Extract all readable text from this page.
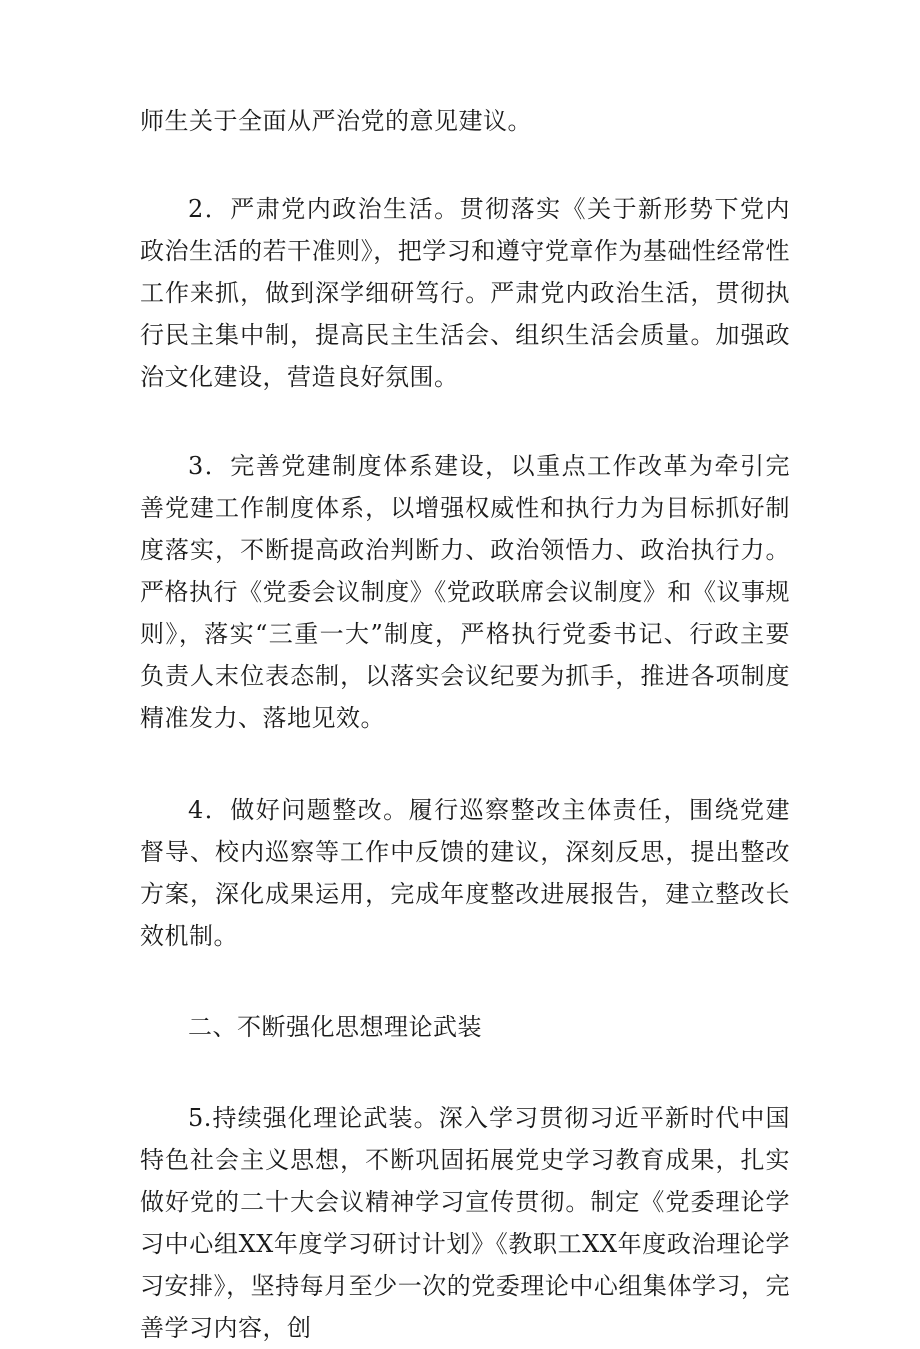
师生关于全面从严治党的意见建议。

2．严肃党内政治生活。贯彻落实《关于新形势下党内政治生活的若干准则》，把学习和遵守党章作为基础性经常性工作来抓，做到深学细研笃行。严肃党内政治生活，贯彻执行民主集中制，提高民主生活会、组织生活会质量。加强政治文化建设，营造良好氛围。

3．完善党建制度体系建设，以重点工作改革为牵引完善党建工作制度体系，以增强权威性和执行力为目标抓好制度落实，不断提高政治判断力、政治领悟力、政治执行力。严格执行《党委会议制度》《党政联席会议制度》和《议事规则》，落实“三重一大”制度，严格执行党委书记、行政主要负责人末位表态制，以落实会议纪要为抓手，推进各项制度精准发力、落地见效。

4．做好问题整改。履行巡察整改主体责任，围绕党建督导、校内巡察等工作中反馈的建议，深刻反思，提出整改方案，深化成果运用，完成年度整改进展报告，建立整改长效机制。

二、不断强化思想理论武装

5.持续强化理论武装。深入学习贯彻习近平新时代中国特色社会主义思想，不断巩固拓展党史学习教育成果，扎实做好党的二十大会议精神学习宣传贯彻。制定《党委理论学习中心组XX年度学习研讨计划》《教职工XX年度政治理论学习安排》，坚持每月至少一次的党委理论中心组集体学习，完善学习内容，创
